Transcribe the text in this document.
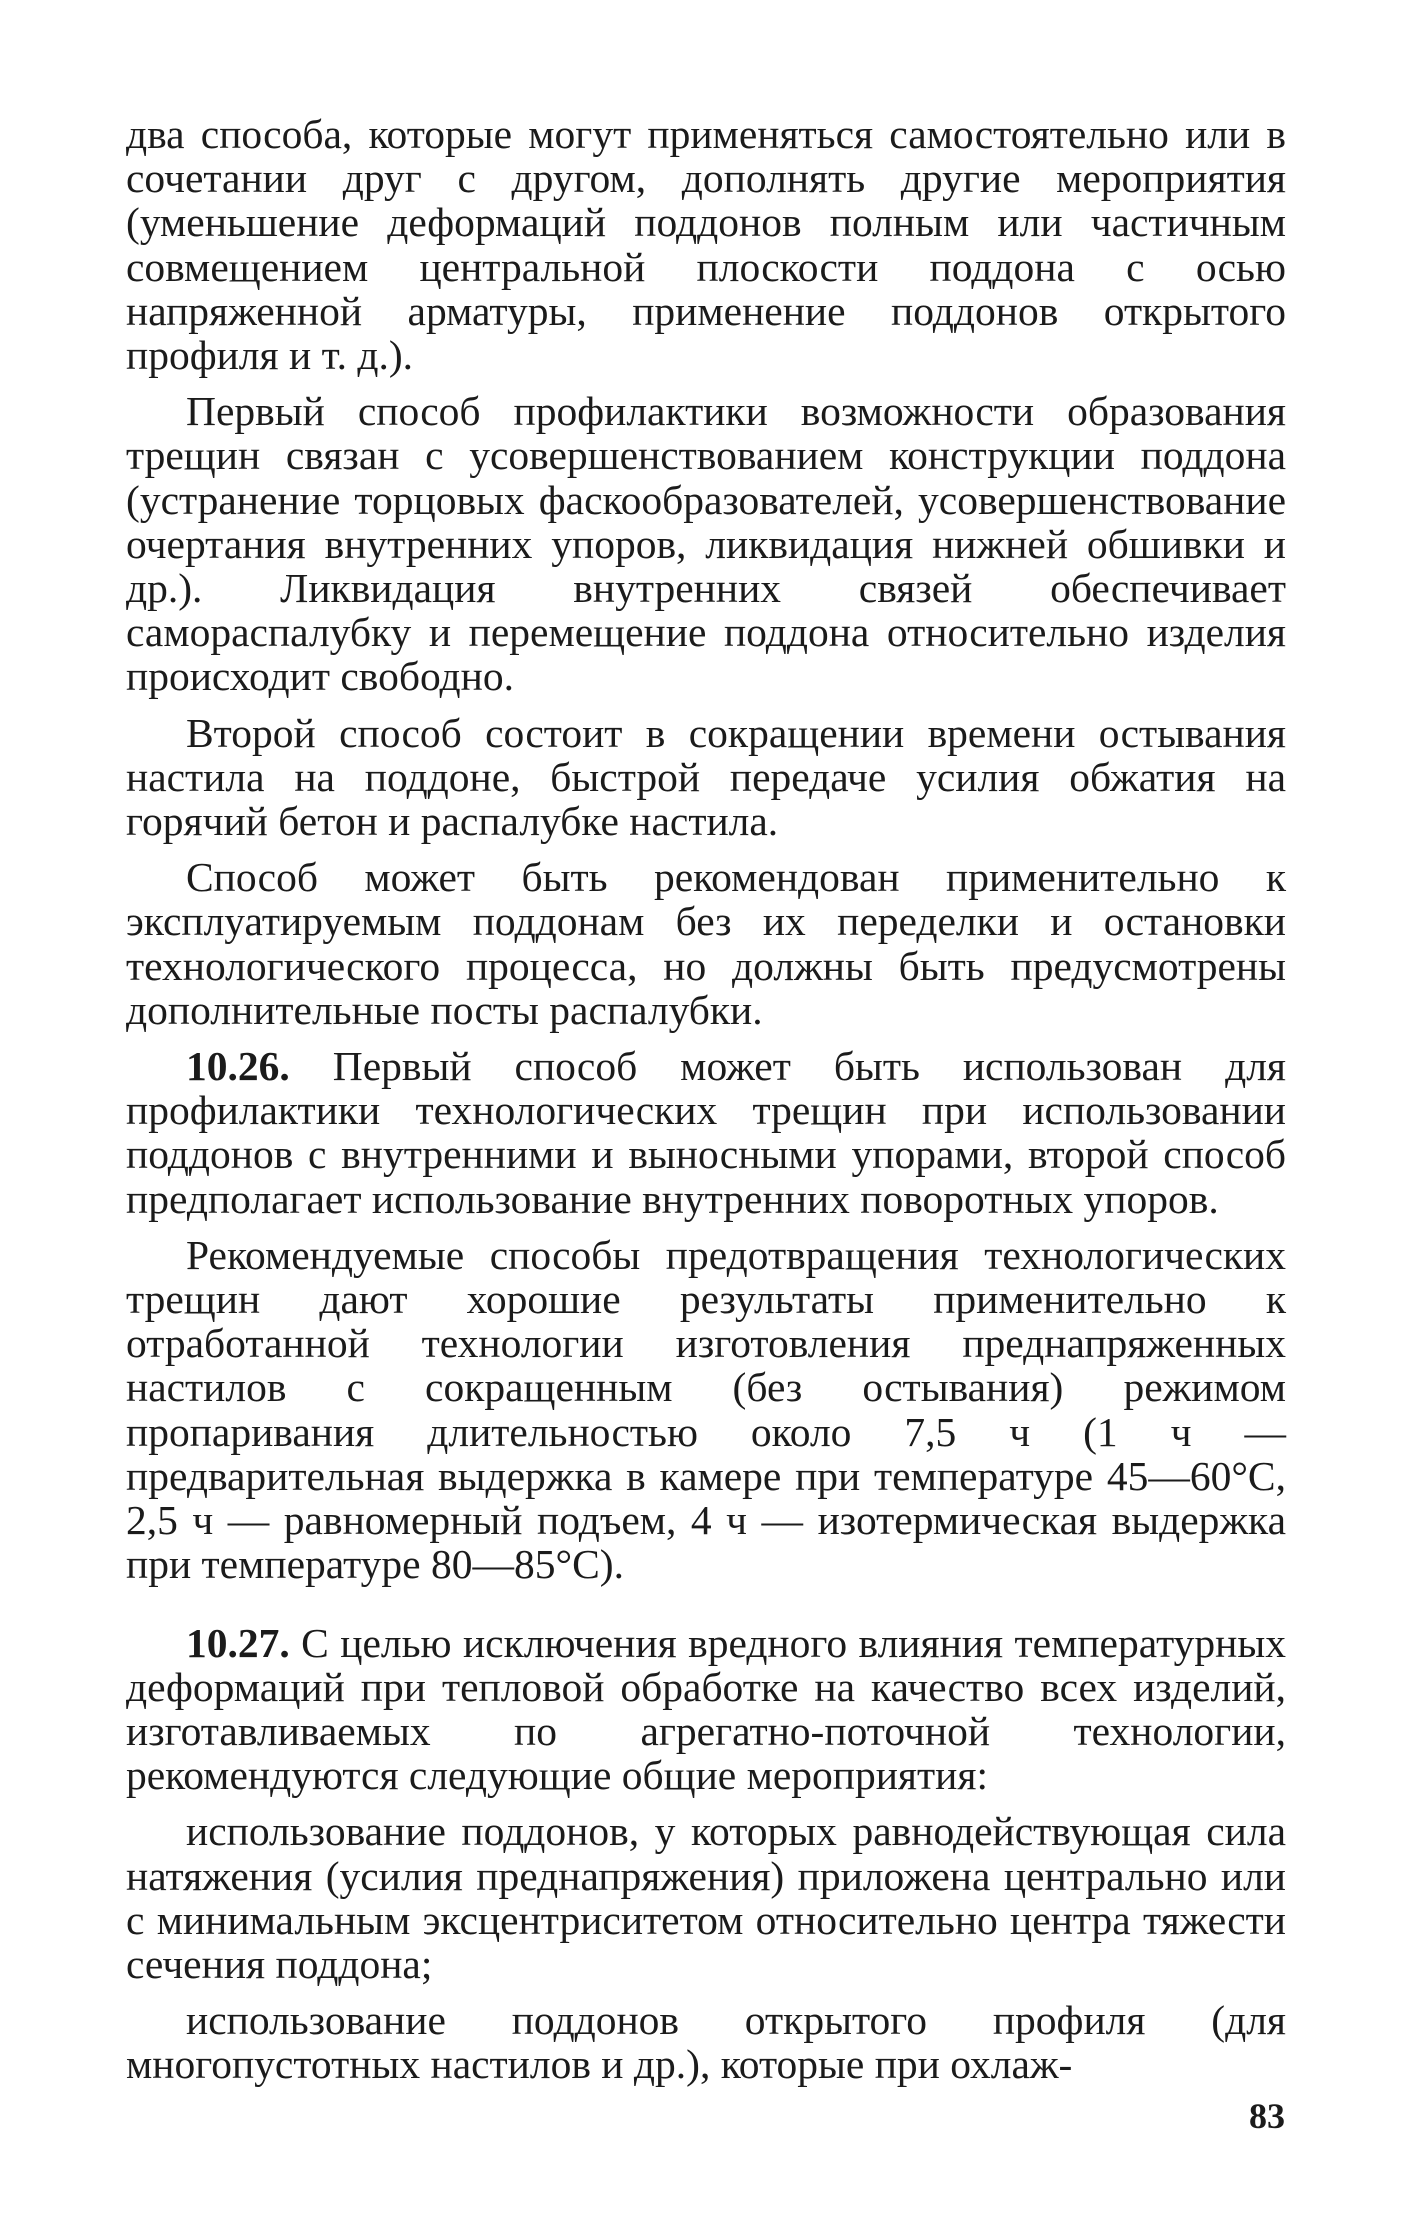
два способа, которые могут применяться самостоятельно или в сочетании друг с другом, дополнять другие мероприятия (уменьшение деформаций поддонов полным или частичным совмещением центральной плоскости поддона с осью напряженной арматуры, применение поддонов открытого профиля и т. д.).

Первый способ профилактики возможности образования трещин связан с усовершенствованием конструкции поддона (устранение торцовых фаскообразователей, усовершенствование очертания внутренних упоров, ликвидация нижней обшивки и др.). Ликвидация внутренних связей обеспечивает самораспалубку и перемещение поддона относительно изделия происходит свободно.

Второй способ состоит в сокращении времени остывания настила на поддоне, быстрой передаче усилия обжатия на горячий бетон и распалубке настила.

Способ может быть рекомендован применительно к эксплуатируемым поддонам без их переделки и остановки технологического процесса, но должны быть предусмотрены дополнительные посты распалубки.

10.26. Первый способ может быть использован для профилактики технологических трещин при использовании поддонов с внутренними и выносными упорами, второй способ предполагает использование внутренних поворотных упоров.

Рекомендуемые способы предотвращения технологических трещин дают хорошие результаты применительно к отработанной технологии изготовления преднапряженных настилов с сокращенным (без остывания) режимом пропаривания длительностью около 7,5 ч (1 ч — предварительная выдержка в камере при температуре 45—60°С, 2,5 ч — равномерный подъем, 4 ч — изотермическая выдержка при температуре 80—85°С).

10.27. С целью исключения вредного влияния температурных деформаций при тепловой обработке на качество всех изделий, изготавливаемых по агрегатно-поточной технологии, рекомендуются следующие общие мероприятия:

использование поддонов, у которых равнодействующая сила натяжения (усилия преднапряжения) приложена центрально или с минимальным эксцентриситетом относительно центра тяжести сечения поддона;

использование поддонов открытого профиля (для многопустотных настилов и др.), которые при охлаж-

83
